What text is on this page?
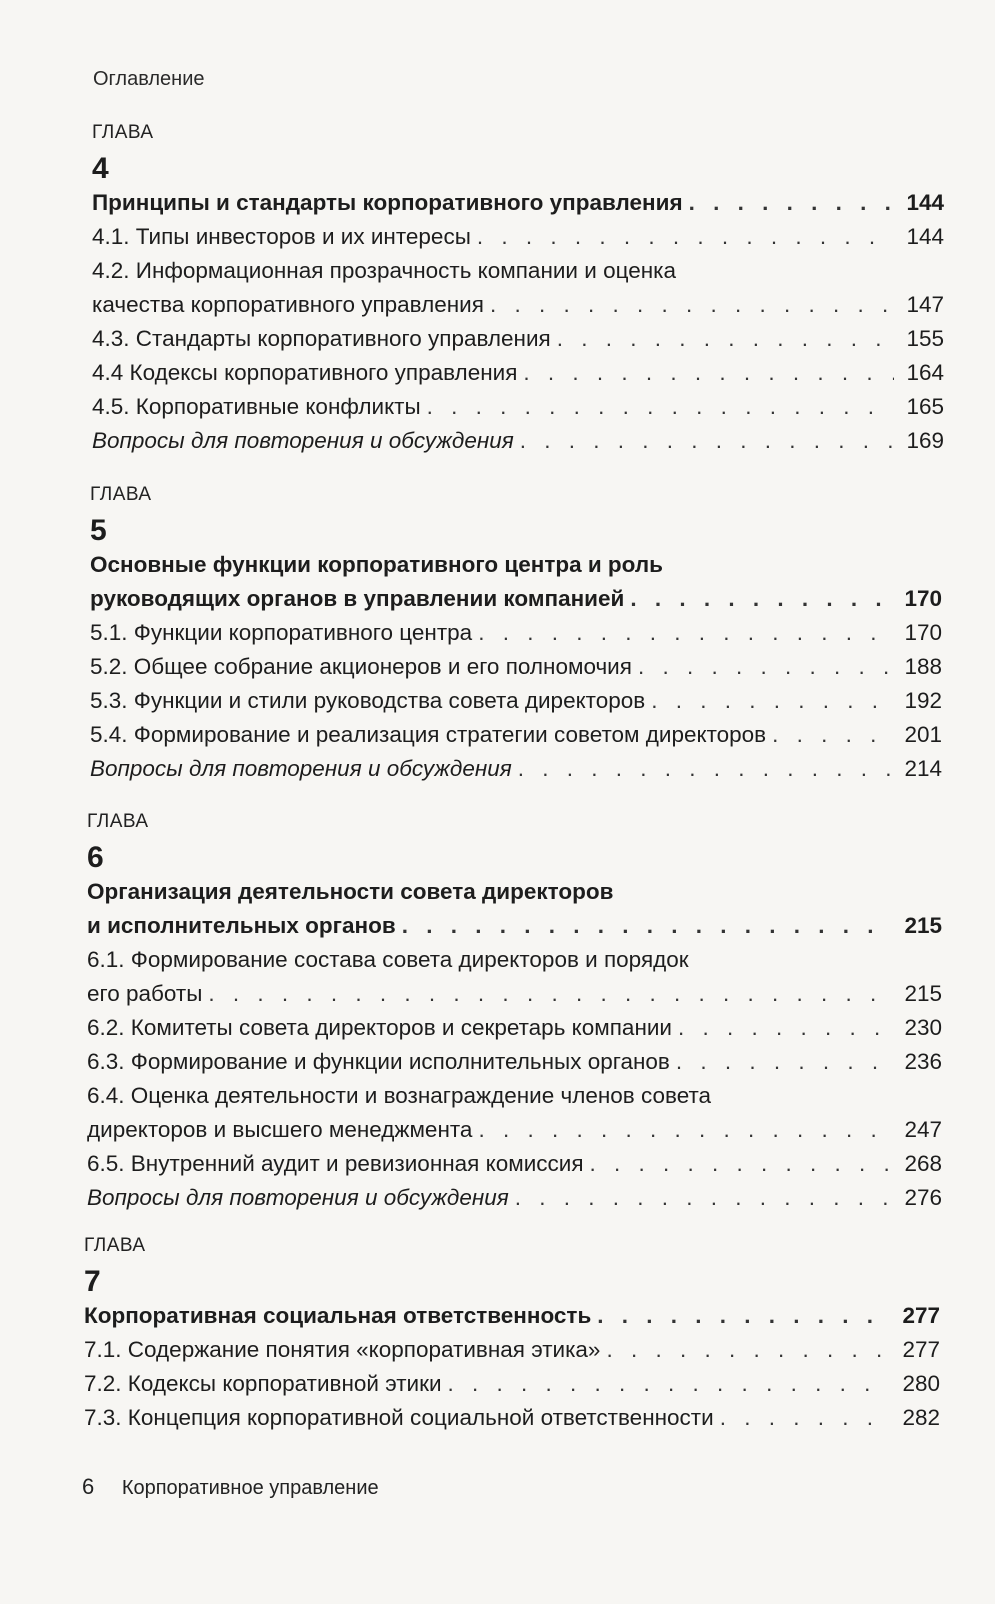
Оглавление
ГЛАВА
4
Принципы и стандарты корпоративного управления . . .	144
4.1. Типы инвесторов и их интересы . . .	144
4.2. Информационная прозрачность компании и оценка
качества корпоративного управления . . .	147
4.3. Стандарты корпоративного управления . . .	155
4.4 Кодексы корпоративного управления . . .	164
4.5. Корпоративные конфликты . . .	165
Вопросы для повторения и обсуждения . . .	169
ГЛАВА
5
Основные функции корпоративного центра и роль
руководящих органов в управлении компанией . . .	170
5.1. Функции корпоративного центра . . .	170
5.2. Общее собрание акционеров и его полномочия . . .	188
5.3. Функции и стили руководства совета директоров . . .	192
5.4. Формирование и реализация стратегии советом директоров . . .	201
Вопросы для повторения и обсуждения . . .	214
ГЛАВА
6
Организация деятельности совета директоров
и исполнительных органов . . .	215
6.1. Формирование состава совета директоров и порядок
его работы . . .	215
6.2. Комитеты совета директоров и секретарь компании . . .	230
6.3. Формирование и функции исполнительных органов . . .	236
6.4. Оценка деятельности и вознаграждение членов совета
директоров и высшего менеджмента . . .	247
6.5. Внутренний аудит и ревизионная комиссия . . .	268
Вопросы для повторения и обсуждения . . .	276
ГЛАВА
7
Корпоративная социальная ответственность . . .	277
7.1. Содержание понятия «корпоративная этика» . . .	277
7.2. Кодексы корпоративной этики . . .	280
7.3. Концепция корпоративной социальной ответственности . . .	282
6 Корпоративное управление
